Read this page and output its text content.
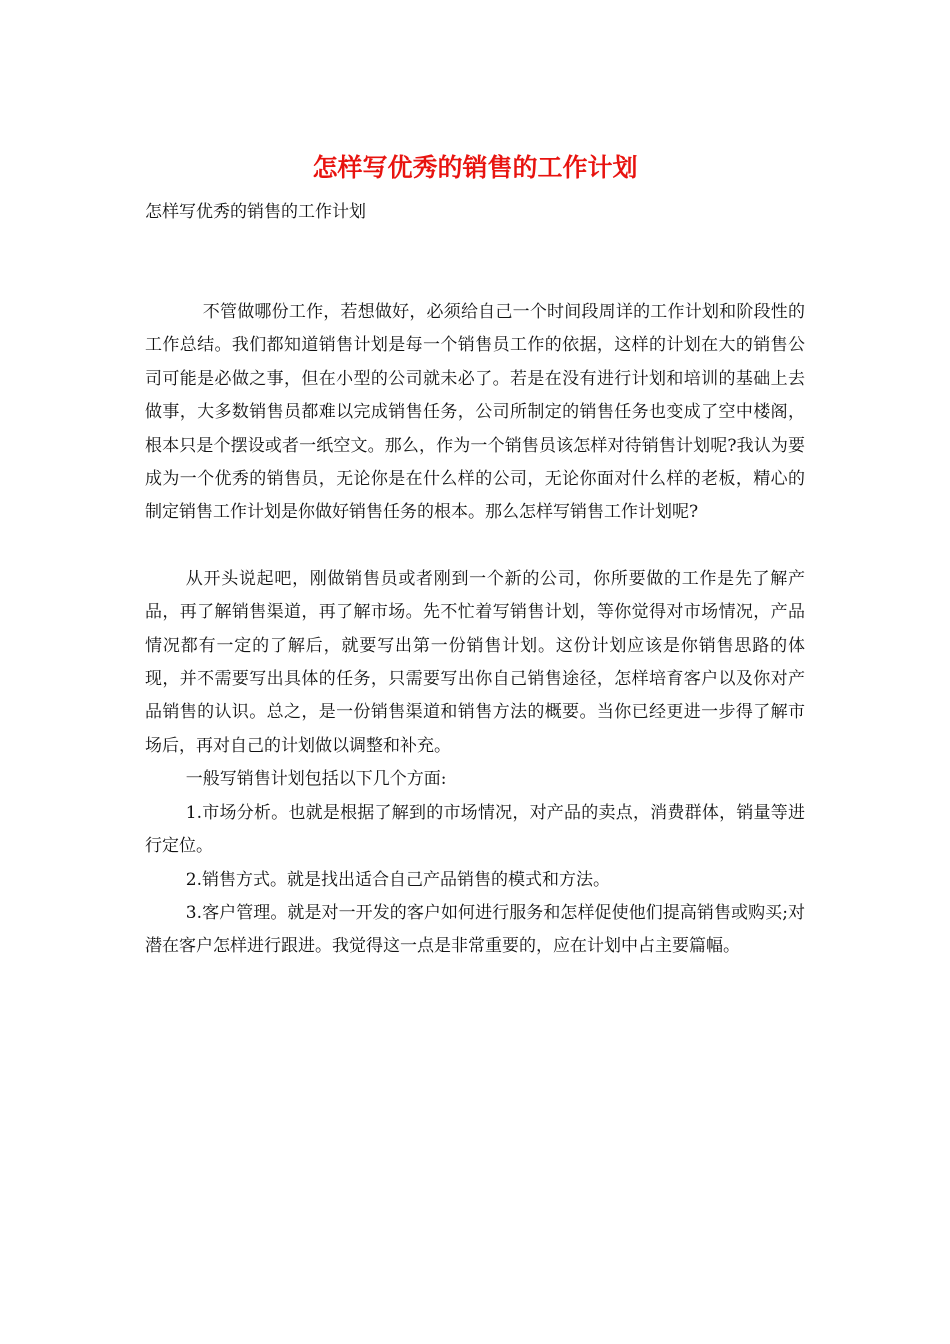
怎样写优秀的销售的工作计划
怎样写优秀的销售的工作计划

不管做哪份工作，若想做好，必须给自己一个时间段周详的工作计划和阶段性的工作总结。我们都知道销售计划是每一个销售员工作的依据，这样的计划在大的销售公司可能是必做之事，但在小型的公司就未必了。若是在没有进行计划和培训的基础上去做事，大多数销售员都难以完成销售任务，公司所制定的销售任务也变成了空中楼阁，根本只是个摆设或者一纸空文。那么，作为一个销售员该怎样对待销售计划呢?我认为要成为一个优秀的销售员，无论你是在什么样的公司，无论你面对什么样的老板，精心的制定销售工作计划是你做好销售任务的根本。那么怎样写销售工作计划呢?

从开头说起吧，刚做销售员或者刚到一个新的公司，你所要做的工作是先了解产品，再了解销售渠道，再了解市场。先不忙着写销售计划，等你觉得对市场情况，产品情况都有一定的了解后，就要写出第一份销售计划。这份计划应该是你销售思路的体现，并不需要写出具体的任务，只需要写出你自己销售途径，怎样培育客户以及你对产品销售的认识。总之，是一份销售渠道和销售方法的概要。当你已经更进一步得了解市场后，再对自己的计划做以调整和补充。

一般写销售计划包括以下几个方面:

1.市场分析。也就是根据了解到的市场情况，对产品的卖点，消费群体，销量等进行定位。

2.销售方式。就是找出适合自己产品销售的模式和方法。

3.客户管理。就是对一开发的客户如何进行服务和怎样促使他们提高销售或购买;对潜在客户怎样进行跟进。我觉得这一点是非常重要的，应在计划中占主要篇幅。
